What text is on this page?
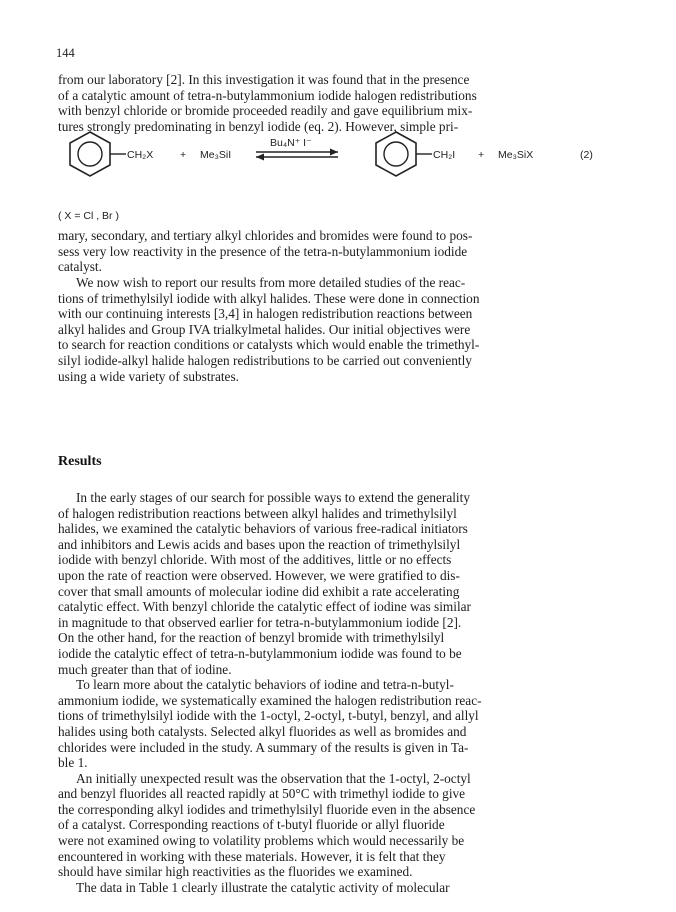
144
from our laboratory [2]. In this investigation it was found that in the presence
of a catalytic amount of tetra-n-butylammonium iodide halogen redistributions
with benzyl chloride or bromide proceeded readily and gave equilibrium mix-
tures strongly predominating in benzyl iodide (eq. 2). However, simple pri-
CH₂X	+ Me₃SiI
Bu₄N⁺ I⁻
CH₂I + Me₃SiX	(2)
( X = Cl , Br )
mary, secondary, and tertiary alkyl chlorides and bromides were found to pos-
sess very low reactivity in the presence of the tetra-n-butylammonium iodide
catalyst.
We now wish to report our results from more detailed studies of the reac-
tions of trimethylsilyl iodide with alkyl halides. These were done in connection
with our continuing interests [3,4] in halogen redistribution reactions between
alkyl halides and Group IVA trialkylmetal halides. Our initial objectives were
to search for reaction conditions or catalysts which would enable the trimethyl-
silyl iodide-alkyl halide halogen redistributions to be carried out conveniently
using a wide variety of substrates.
Results
In the early stages of our search for possible ways to extend the generality
of halogen redistribution reactions between alkyl halides and trimethylsilyl
halides, we examined the catalytic behaviors of various free-radical initiators
and inhibitors and Lewis acids and bases upon the reaction of trimethylsilyl
iodide with benzyl chloride. With most of the additives, little or no effects
upon the rate of reaction were observed. However, we were gratified to dis-
cover that small amounts of molecular iodine did exhibit a rate accelerating
catalytic effect. With benzyl chloride the catalytic effect of iodine was similar
in magnitude to that observed earlier for tetra-n-butylammonium iodide [2].
On the other hand, for the reaction of benzyl bromide with trimethylsilyl
iodide the catalytic effect of tetra-n-butylammonium iodide was found to be
much greater than that of iodine.
To learn more about the catalytic behaviors of iodine and tetra-n-butyl-
ammonium iodide, we systematically examined the halogen redistribution reac-
tions of trimethylsilyl iodide with the 1-octyl, 2-octyl, t-butyl, benzyl, and allyl
halides using both catalysts. Selected alkyl fluorides as well as bromides and
chlorides were included in the study. A summary of the results is given in Ta-
ble 1.
An initially unexpected result was the observation that the 1-octyl, 2-octyl
and benzyl fluorides all reacted rapidly at 50°C with trimethyl iodide to give
the corresponding alkyl iodides and trimethylsilyl fluoride even in the absence
of a catalyst. Corresponding reactions of t-butyl fluoride or allyl fluoride
were not examined owing to volatility problems which would necessarily be
encountered in working with these materials. However, it is felt that they
should have similar high reactivities as the fluorides we examined.
The data in Table 1 clearly illustrate the catalytic activity of molecular
